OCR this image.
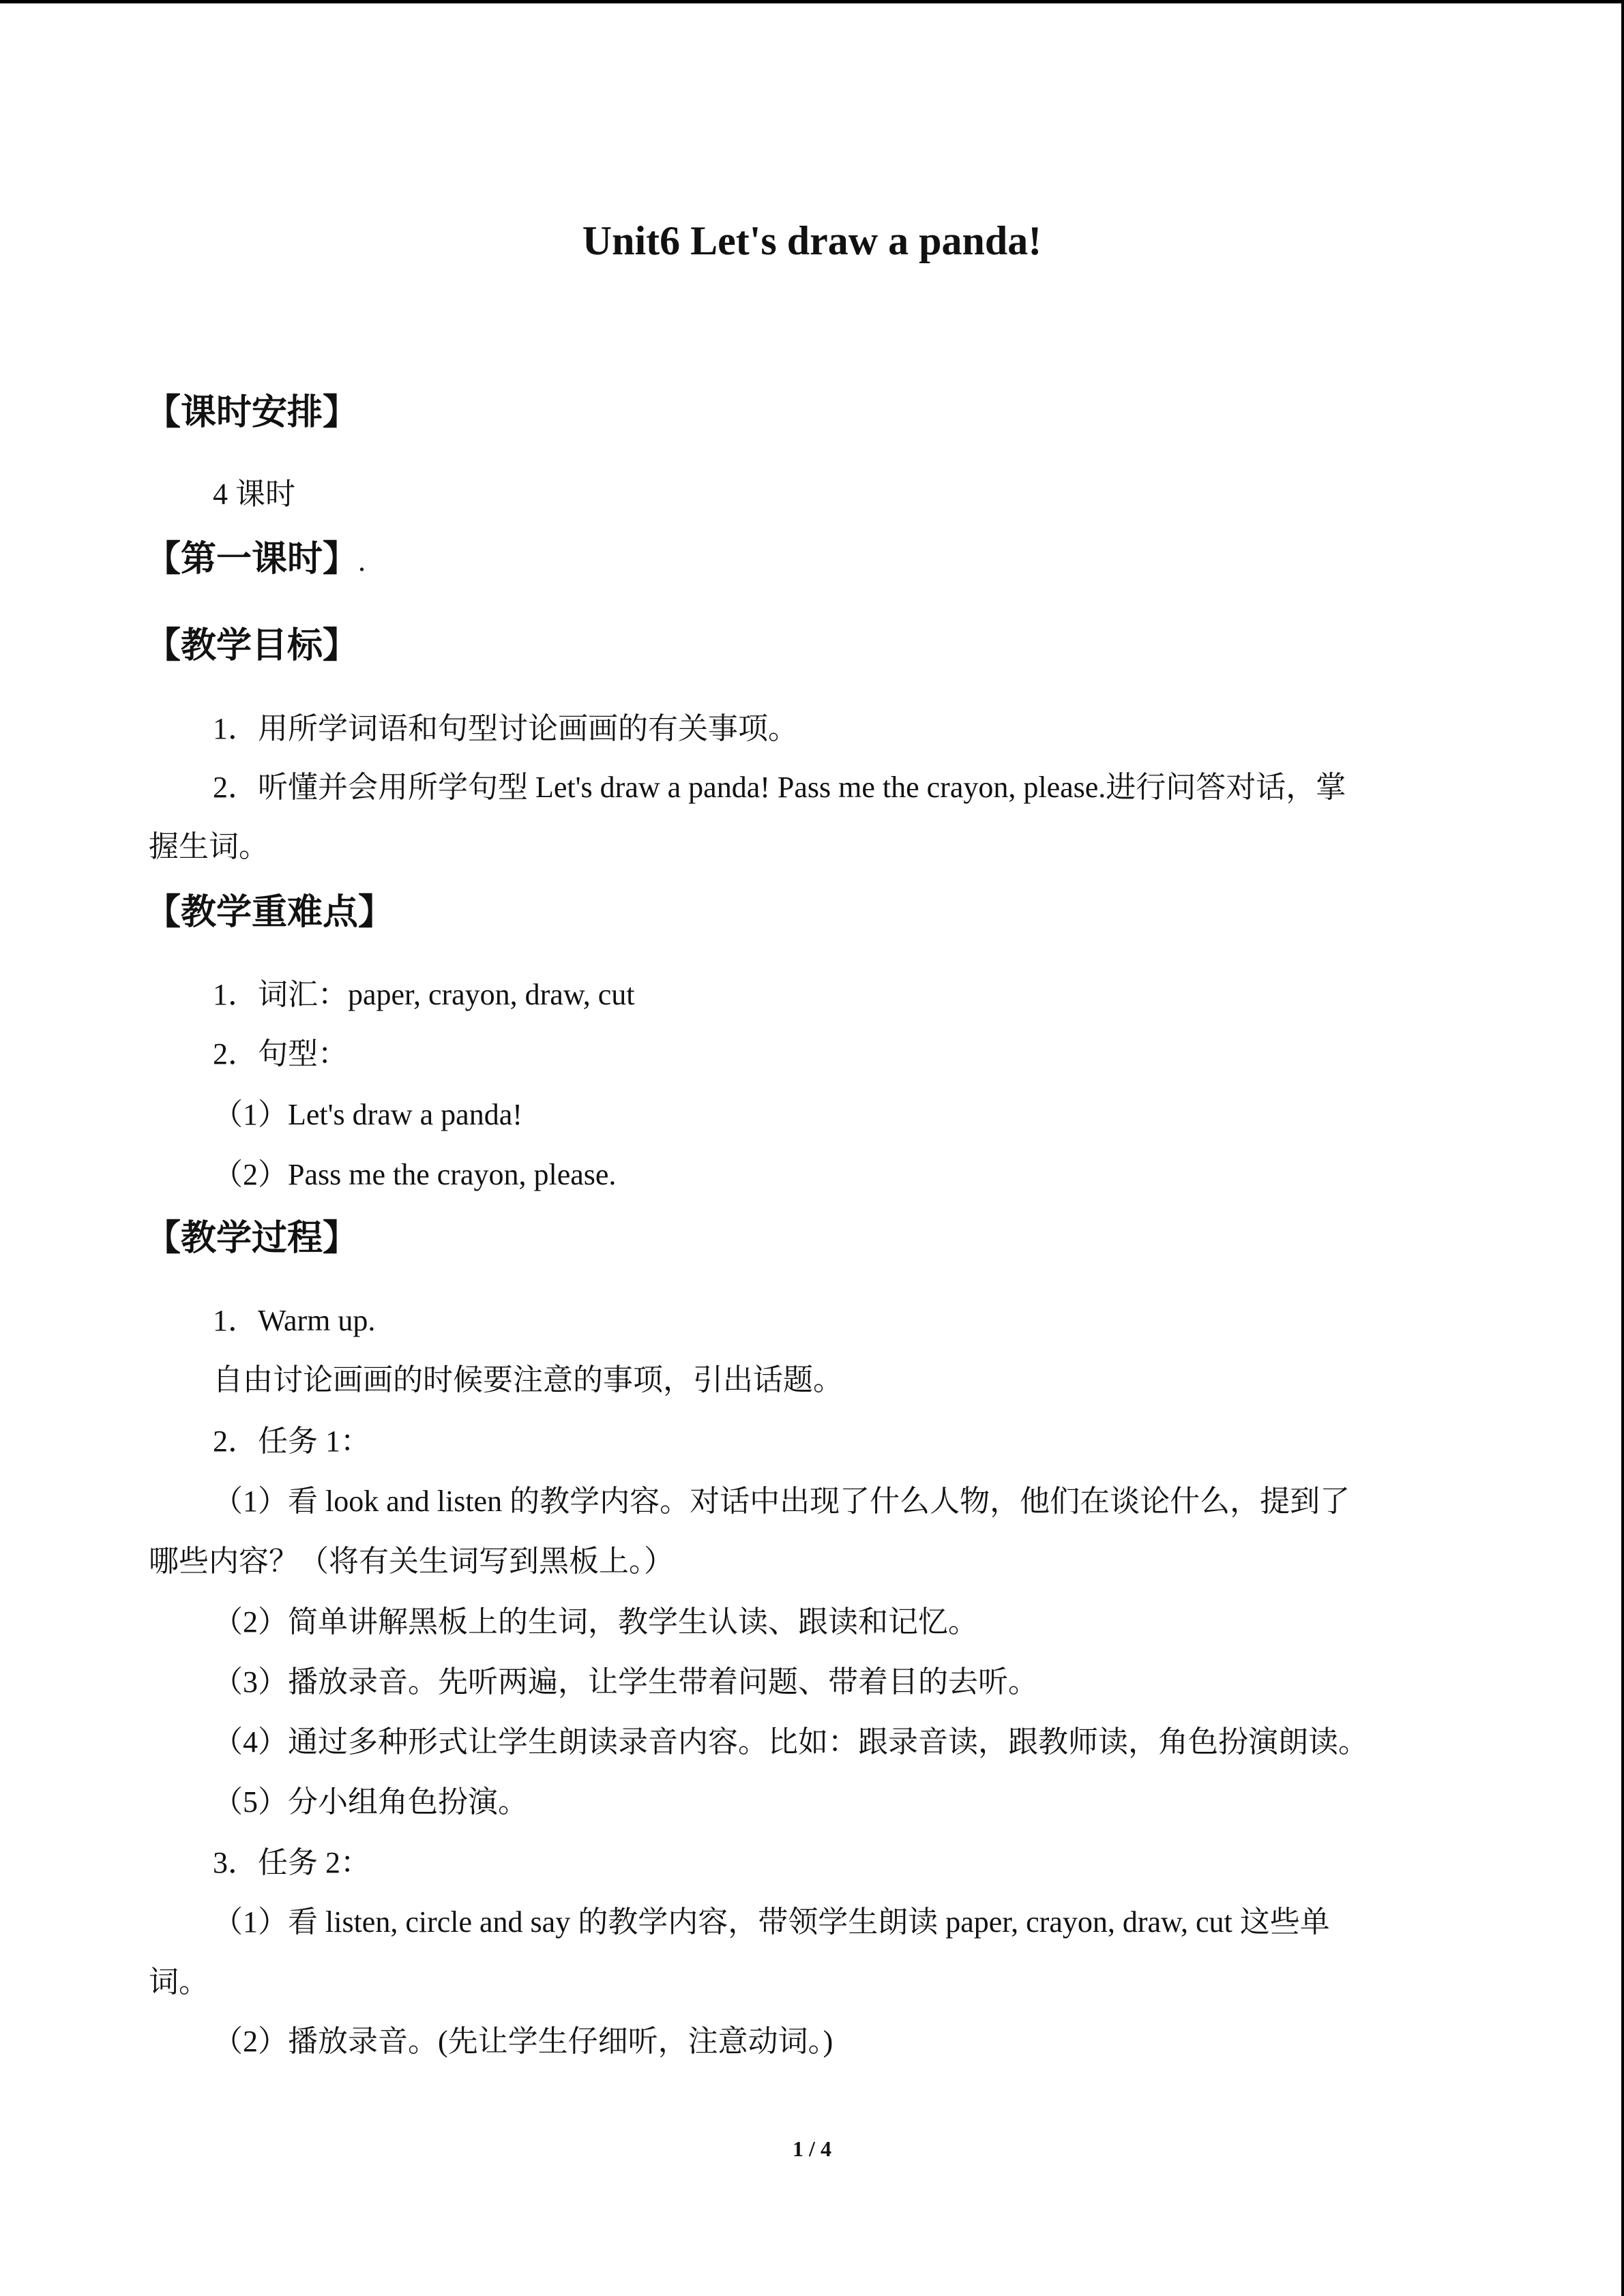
Unit6 Let's draw a panda!
【课时安排】
4 课时
【第一课时】.
【教学目标】
1．用所学词语和句型讨论画画的有关事项。
2．听懂并会用所学句型 Let's draw a panda! Pass me the crayon, please.进行问答对话，掌
握生词。
【教学重难点】
1．词汇：paper, crayon, draw, cut
2．句型：
（1）Let's draw a panda!
（2）Pass me the crayon, please.
【教学过程】
1．Warm up.
自由讨论画画的时候要注意的事项，引出话题。
2．任务 1：
（1）看 look and listen 的教学内容。对话中出现了什么人物，他们在谈论什么，提到了
哪些内容？（将有关生词写到黑板上。）
（2）简单讲解黑板上的生词，教学生认读、跟读和记忆。
（3）播放录音。先听两遍，让学生带着问题、带着目的去听。
（4）通过多种形式让学生朗读录音内容。比如：跟录音读，跟教师读，角色扮演朗读。
（5）分小组角色扮演。
3．任务 2：
（1）看 listen, circle and say 的教学内容，带领学生朗读 paper, crayon, draw, cut 这些单
词。
（2）播放录音。(先让学生仔细听，注意动词。)
1 / 4
